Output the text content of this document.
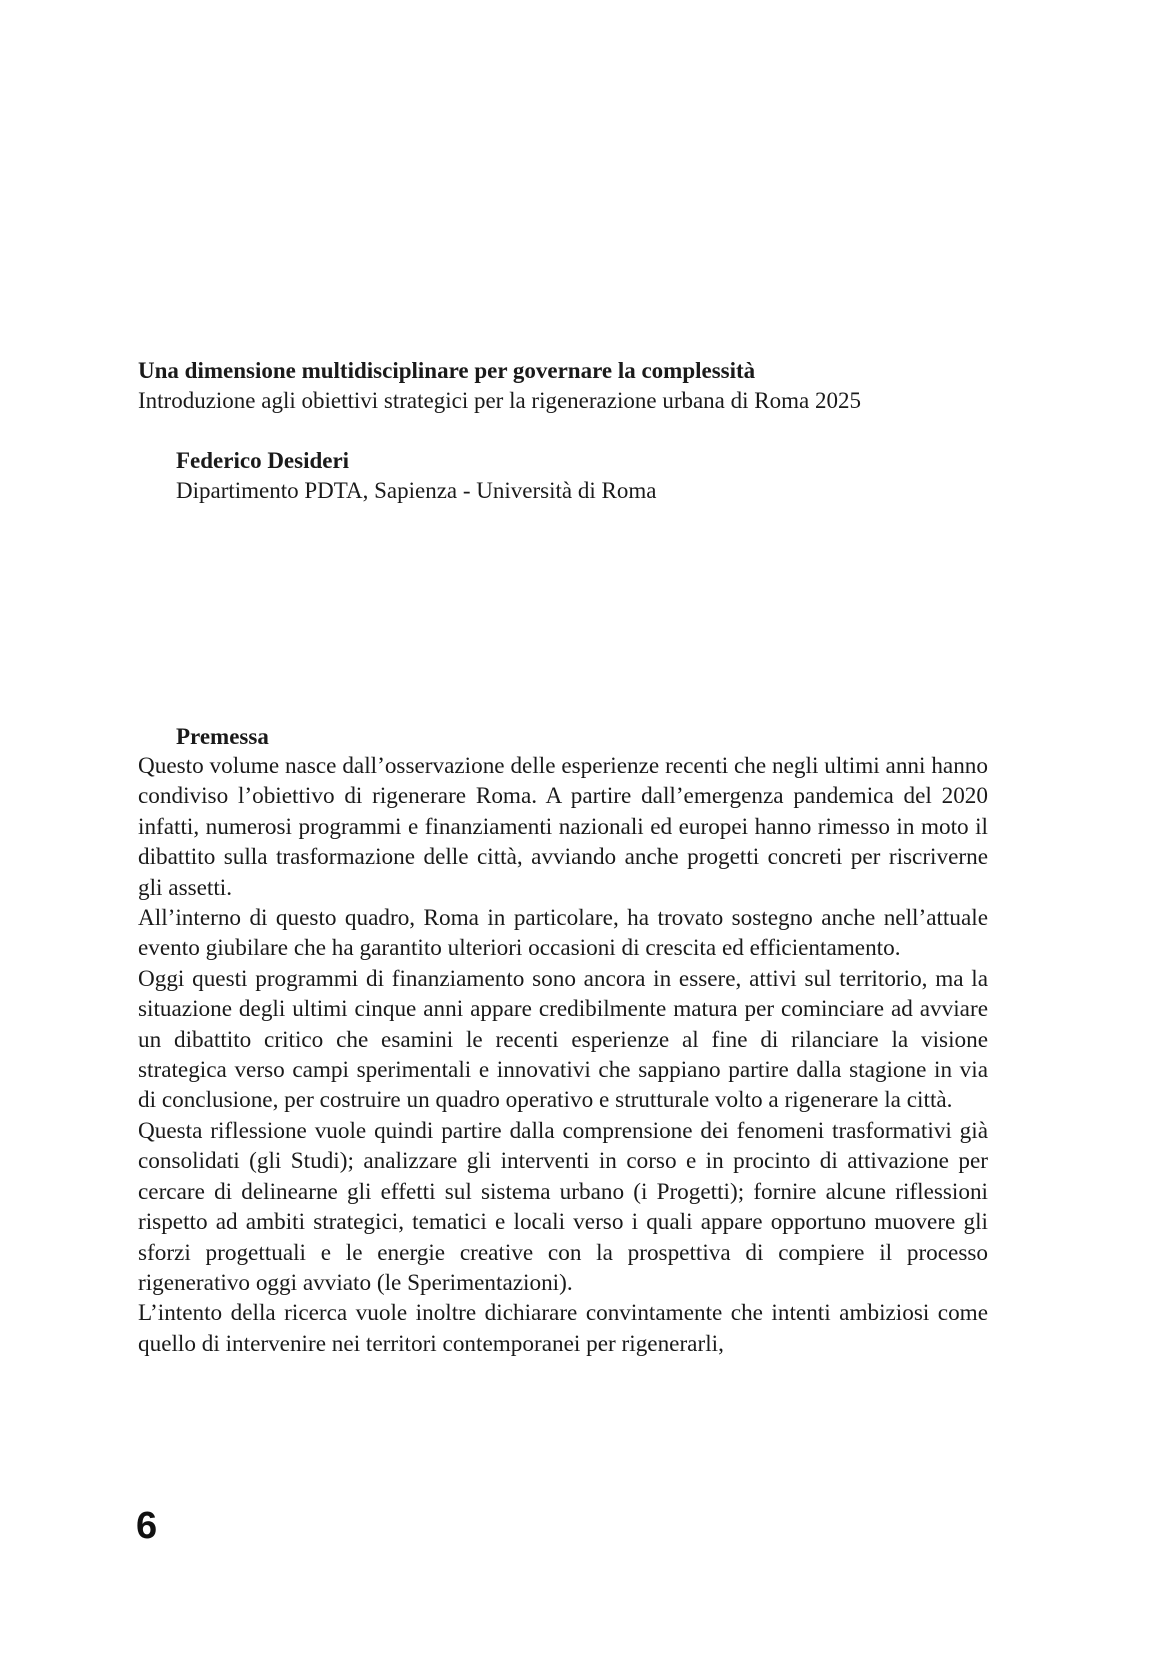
Una dimensione multidisciplinare per governare la complessità

Introduzione agli obiettivi strategici per la rigenerazione urbana di Roma 2025

Federico Desideri

Dipartimento PDTA, Sapienza - Università di Roma

Premessa

Questo volume nasce dall’osservazione delle esperienze recenti che negli ultimi anni hanno condiviso l’obiettivo di rigenerare Roma. A partire dall’emergenza pandemica del 2020 infatti, numerosi programmi e finanziamenti nazionali ed europei hanno rimesso in moto il dibattito sulla trasformazione delle città, avviando anche progetti concreti per riscriverne gli assetti.

All’interno di questo quadro, Roma in particolare, ha trovato sostegno anche nell’attuale evento giubilare che ha garantito ulteriori occasioni di crescita ed efficientamento.

Oggi questi programmi di finanziamento sono ancora in essere, attivi sul territorio, ma la situazione degli ultimi cinque anni appare credibilmente matura per cominciare ad avviare un dibattito critico che esamini le recenti esperienze al fine di rilanciare la visione strategica verso campi sperimentali e innovativi che sappiano partire dalla stagione in via di conclusione, per costruire un quadro operativo e strutturale volto a rigenerare la città.

Questa riflessione vuole quindi partire dalla comprensione dei fenomeni trasformativi già consolidati (gli Studi); analizzare gli interventi in corso e in procinto di attivazione per cercare di delinearne gli effetti sul sistema urbano (i Progetti); fornire alcune riflessioni rispetto ad ambiti strategici, tematici e locali verso i quali appare opportuno muovere gli sforzi progettuali e le energie creative con la prospettiva di compiere il processo rigenerativo oggi avviato (le Sperimentazioni).

L’intento della ricerca vuole inoltre dichiarare convintamente che intenti ambiziosi come quello di intervenire nei territori contemporanei per rigenerarli,

6
